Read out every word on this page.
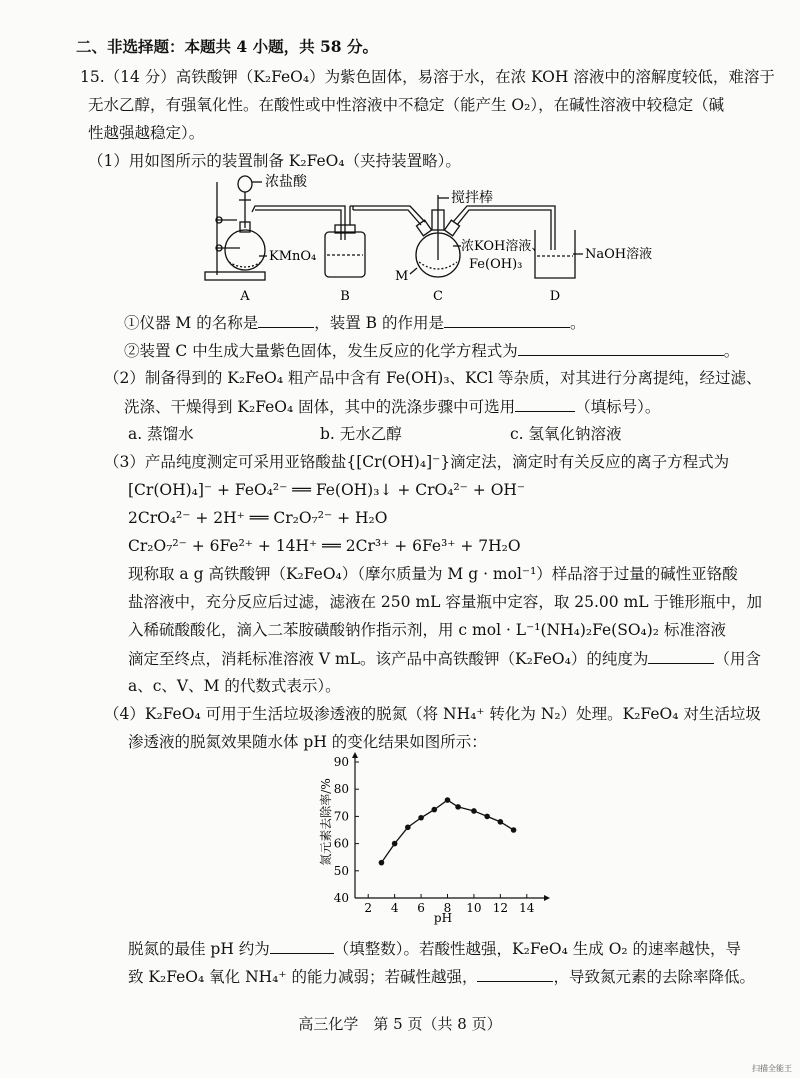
二、非选择题：本题共 4 小题，共 58 分。
15.（14 分）高铁酸钾（K₂FeO₄）为紫色固体，易溶于水，在浓 KOH 溶液中的溶解度较低，难溶于
无水乙醇，有强氧化性。在酸性或中性溶液中不稳定（能产生 O₂），在碱性溶液中较稳定（碱
性越强越稳定）。
（1）用如图所示的装置制备 K₂FeO₄（夹持装置略）。
浓盐酸
KMnO₄
搅拌棒
浓KOH溶液、
Fe(OH)₃
M
NaOH溶液
A	B	C	D
①仪器 M 的名称是	，装置 B 的作用是	。
②装置 C 中生成大量紫色固体，发生反应的化学方程式为	。
（2）制备得到的 K₂FeO₄ 粗产品中含有 Fe(OH)₃、KCl 等杂质，对其进行分离提纯，经过滤、
洗涤、干燥得到 K₂FeO₄ 固体，其中的洗涤步骤中可选用	（填标号）。
a. 蒸馏水	b. 无水乙醇	c. 氢氧化钠溶液
（3）产品纯度测定可采用亚铬酸盐{[Cr(OH)₄]⁻}滴定法，滴定时有关反应的离子方程式为
[Cr(OH)₄]⁻ + FeO₄²⁻ ══ Fe(OH)₃↓ + CrO₄²⁻ + OH⁻
2CrO₄²⁻ + 2H⁺ ══ Cr₂O₇²⁻ + H₂O
Cr₂O₇²⁻ + 6Fe²⁺ + 14H⁺ ══ 2Cr³⁺ + 6Fe³⁺ + 7H₂O
现称取 a g 高铁酸钾（K₂FeO₄）（摩尔质量为 M g · mol⁻¹）样品溶于过量的碱性亚铬酸
盐溶液中，充分反应后过滤，滤液在 250 mL 容量瓶中定容，取 25.00 mL 于锥形瓶中，加
入稀硫酸酸化，滴入二苯胺磺酸钠作指示剂，用 c mol · L⁻¹(NH₄)₂Fe(SO₄)₂ 标准溶液
滴定至终点，消耗标准溶液 V mL。该产品中高铁酸钾（K₂FeO₄）的纯度为	（用含
a、c、V、M 的代数式表示）。
（4）K₂FeO₄ 可用于生活垃圾渗透液的脱氮（将 NH₄⁺ 转化为 N₂）处理。K₂FeO₄ 对生活垃圾
渗透液的脱氮效果随水体 pH 的变化结果如图所示：
2 4 6 8 10 12 14
40
50
60
70
80
90
氮元素去除率/%
pH
脱氮的最佳 pH 约为	（填整数）。若酸性越强，K₂FeO₄ 生成 O₂ 的速率越快，导
致 K₂FeO₄ 氧化 NH₄⁺ 的能力减弱；若碱性越强，	，导致氮元素的去除率降低。
高三化学　第 5 页（共 8 页）
扫描全能王
